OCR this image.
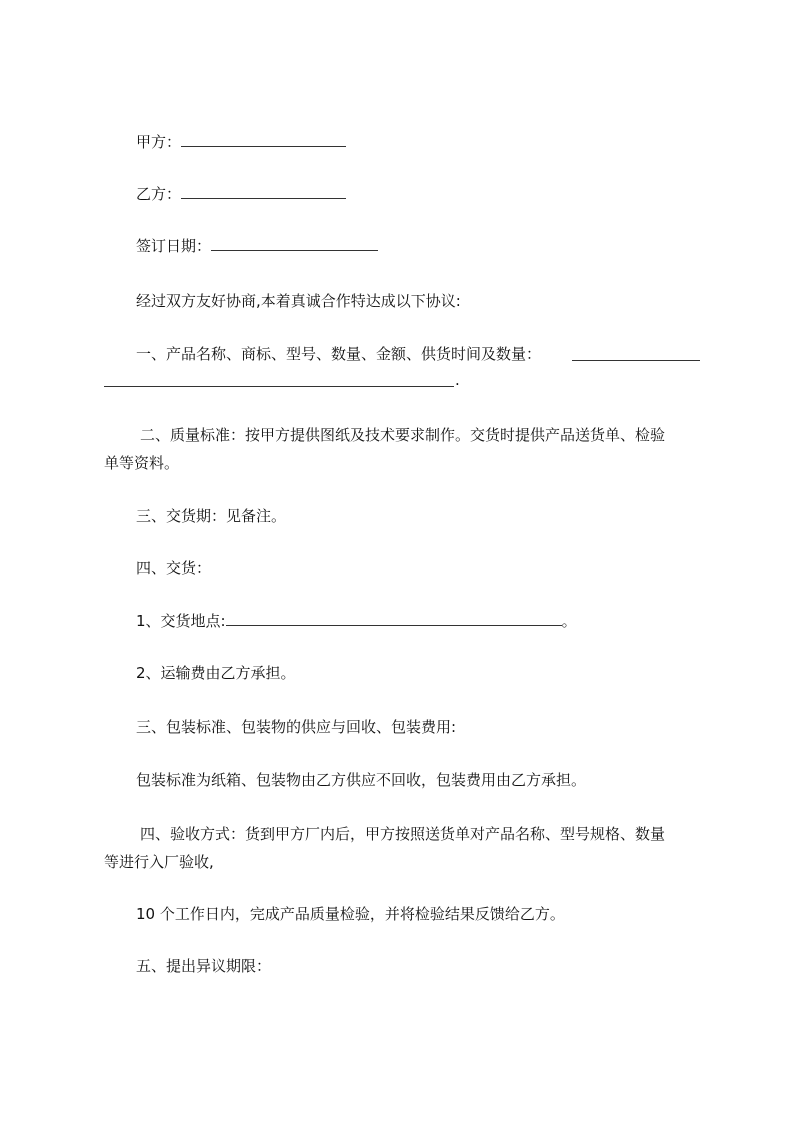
甲方：
乙方：
签订日期：
经过双方友好协商,本着真诚合作特达成以下协议:
一、产品名称、商标、型号、数量、金额、供货时间及数量：
.
二、质量标准：按甲方提供图纸及技术要求制作。交货时提供产品送货单、检验
单等资料。
三、交货期：见备注。
四、交货：
1、交货地点:	。
2、运输费由乙方承担。
三、包装标准、包装物的供应与回收、包装费用:
包装标准为纸箱、包装物由乙方供应不回收，包装费用由乙方承担。
四、验收方式：货到甲方厂内后，甲方按照送货单对产品名称、型号规格、数量
等进行入厂验收,
10 个工作日内，完成产品质量检验，并将检验结果反馈给乙方。
五、提出异议期限：
